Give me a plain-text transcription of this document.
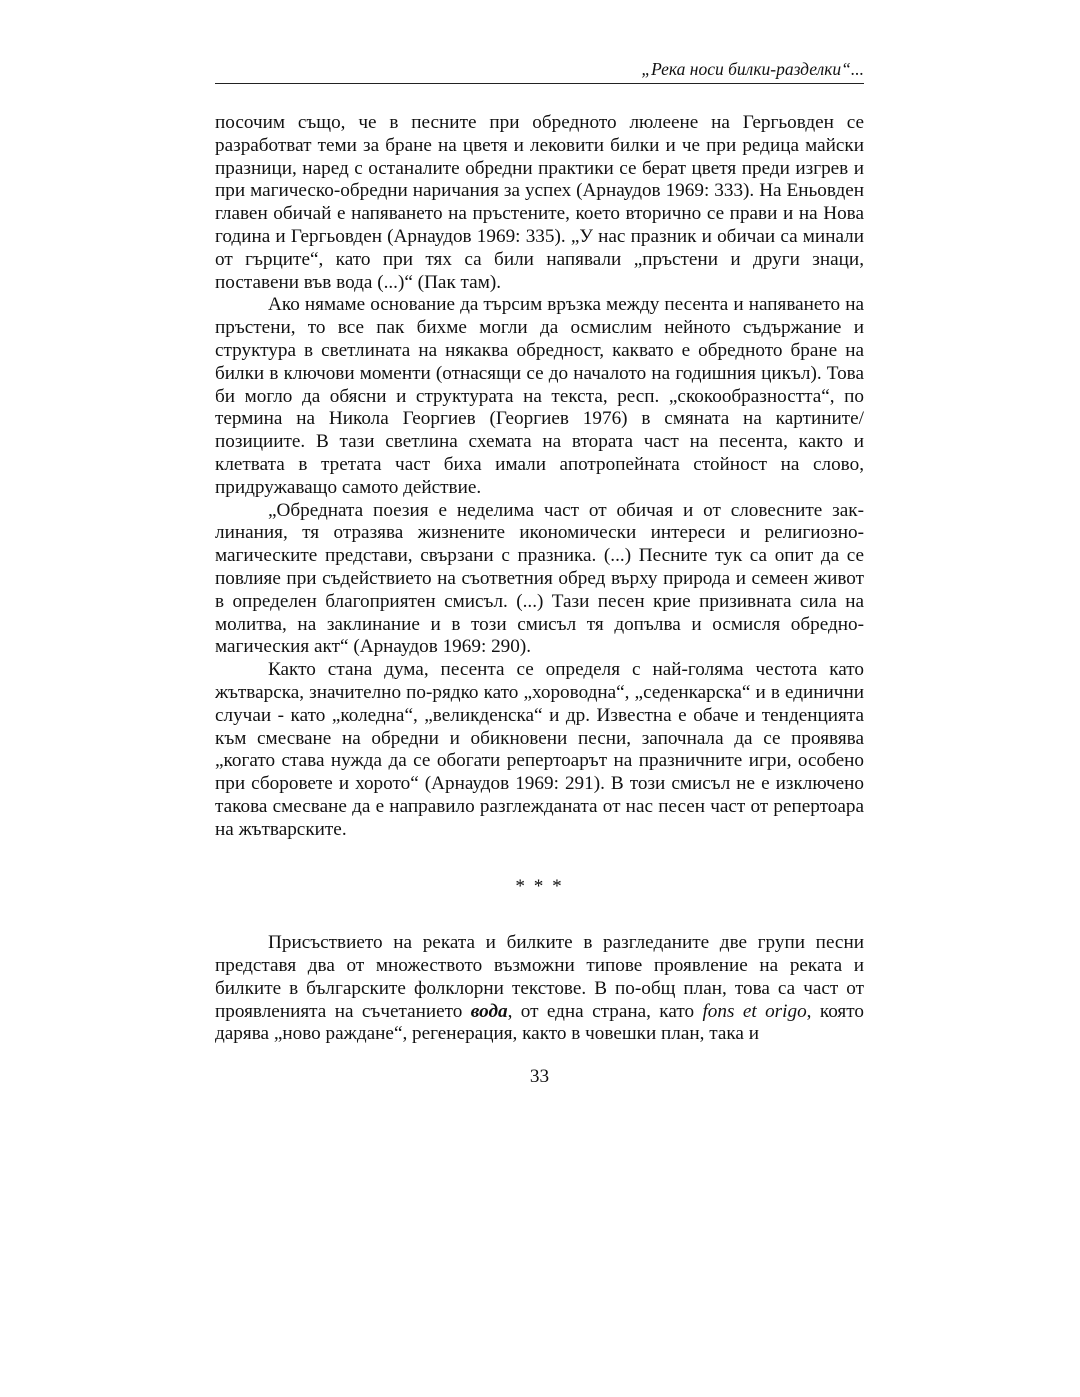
„Река носи билки-разделки“...

посочим също, че в песните при обредното люлеене на Гергьовден се разработват теми за бране на цветя и лековити билки и че при редица майски празници, наред с останалите обредни практики се берат цветя преди изгрев и при магическо-обредни наричания за успех (Арнаудов 1969: 333). На Еньовден главен обичай е напяването на пръстените, което вторично се прави и на Нова година и Гергьовден (Арнаудов 1969: 335). „У нас празник и обичаи са минали от гърците“, като при тях са били напявали „пръстени и други знаци, поставени във вода (...)“ (Пак там).

Ако нямаме основание да търсим връзка между песента и напяването на пръстени, то все пак бихме могли да осмислим нейното съдържание и структура в светлината на някаква обредност, каквато е обредното бране на билки в ключови моменти (отнасящи се до началото на годишния цикъл). Това би могло да обясни и структурата на текста, респ. „скокообразността“, по термина на Никола Георгиев (Георгиев 1976) в смяната на картините/позициите. В тази светлина схемата на втората част на песента, както и клетвата в третата част биха имали апотропейната стойност на слово, придружаващо самото действие.

„Обредната поезия е неделима част от обичая и от словесните заклинания, тя отразява жизнените икономически интереси и религиозномагическите представи, свързани с празника. (...) Песните тук са опит да се повлияе при съдействието на съответния обред върху природа и семеен живот в определен благоприятен смисъл. (...) Тази песен крие призивната сила на молитва, на заклинание и в този смисъл тя допълва и осмисля обредно-магическия акт“ (Арнаудов 1969: 290).

Както стана дума, песента се определя с най-голяма честота като жътварска, значително по-рядко като „хороводна“, „седенкарска“ и в единични случаи - като „коледна“, „великденска“ и др. Известна е обаче и тенденцията към смесване на обредни и обикновени песни, започнала да се проявява „когато става нужда да се обогати репертоарът на празничните игри, особено при сборовете и хорото“ (Арнаудов 1969: 291). В този смисъл не е изключено такова смесване да е направило разглежданата от нас песен част от репертоара на жътварските.

* * *

Присъствието на реката и билките в разгледаните две групи песни представя два от множеството възможни типове проявление на реката и билките в българските фолклорни текстове. В по-общ план, това са част от проявленията на съчетанието вода, от една страна, като fons et origo, която дарява „ново раждане“, регенерация, както в човешки план, така и

33
